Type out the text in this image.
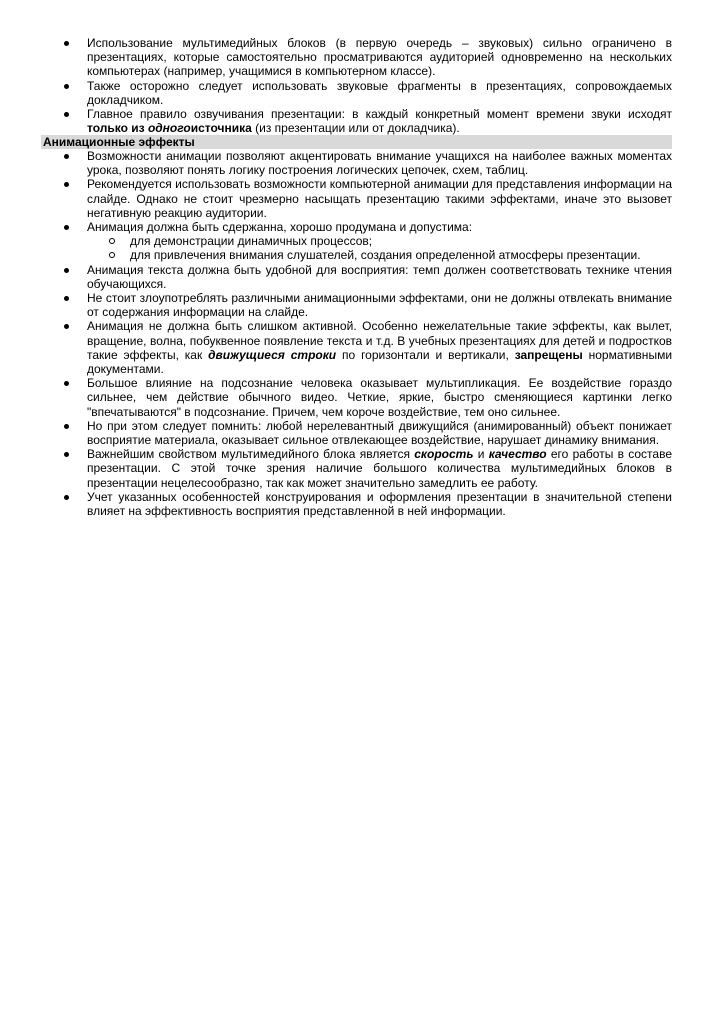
Использование мультимедийных блоков (в первую очередь – звуковых) сильно ограничено в презентациях, которые самостоятельно просматриваются аудиторией одновременно на нескольких компьютерах (например, учащимися в компьютерном классе).
Также осторожно следует использовать звуковые фрагменты в презентациях, сопровождаемых докладчиком.
Главное правило озвучивания презентации: в каждый конкретный момент времени звуки исходят только из одногоисточника (из презентации или от докладчика).
Анимационные эффекты
Возможности анимации позволяют акцентировать внимание учащихся на наиболее важных моментах урока, позволяют понять логику построения логических цепочек, схем, таблиц.
Рекомендуется использовать возможности компьютерной анимации для представления информации на слайде. Однако не стоит чрезмерно насыщать презентацию такими эффектами, иначе это вызовет негативную реакцию аудитории.
Анимация должна быть сдержанна, хорошо продумана и допустима:
для демонстрации динамичных процессов;
для привлечения внимания слушателей, создания определенной атмосферы презентации.
Анимация текста должна быть удобной для восприятия: темп должен соответствовать технике чтения обучающихся.
Не стоит злоупотреблять различными анимационными эффектами, они не должны отвлекать внимание от содержания информации на слайде.
Анимация не должна быть слишком активной. Особенно нежелательные такие эффекты, как вылет, вращение, волна, побуквенное появление текста и т.д. В учебных презентациях для детей и подростков такие эффекты, как движущиеся строки по горизонтали и вертикали, запрещены нормативными документами.
Большое влияние на подсознание человека оказывает мультипликация. Ее воздействие гораздо сильнее, чем действие обычного видео. Четкие, яркие, быстро сменяющиеся картинки легко "впечатываются" в подсознание. Причем, чем короче воздействие, тем оно сильнее.
Но при этом следует помнить: любой нерелевантный движущийся (анимированный) объект понижает восприятие материала, оказывает сильное отвлекающее воздействие, нарушает динамику внимания.
Важнейшим свойством мультимедийного блока является скорость и качество его работы в составе презентации. С этой точке зрения наличие большого количества мультимедийных блоков в презентации нецелесообразно, так как может значительно замедлить ее работу.
Учет указанных особенностей конструирования и оформления презентации в значительной степени влияет на эффективность восприятия представленной в ней информации.
